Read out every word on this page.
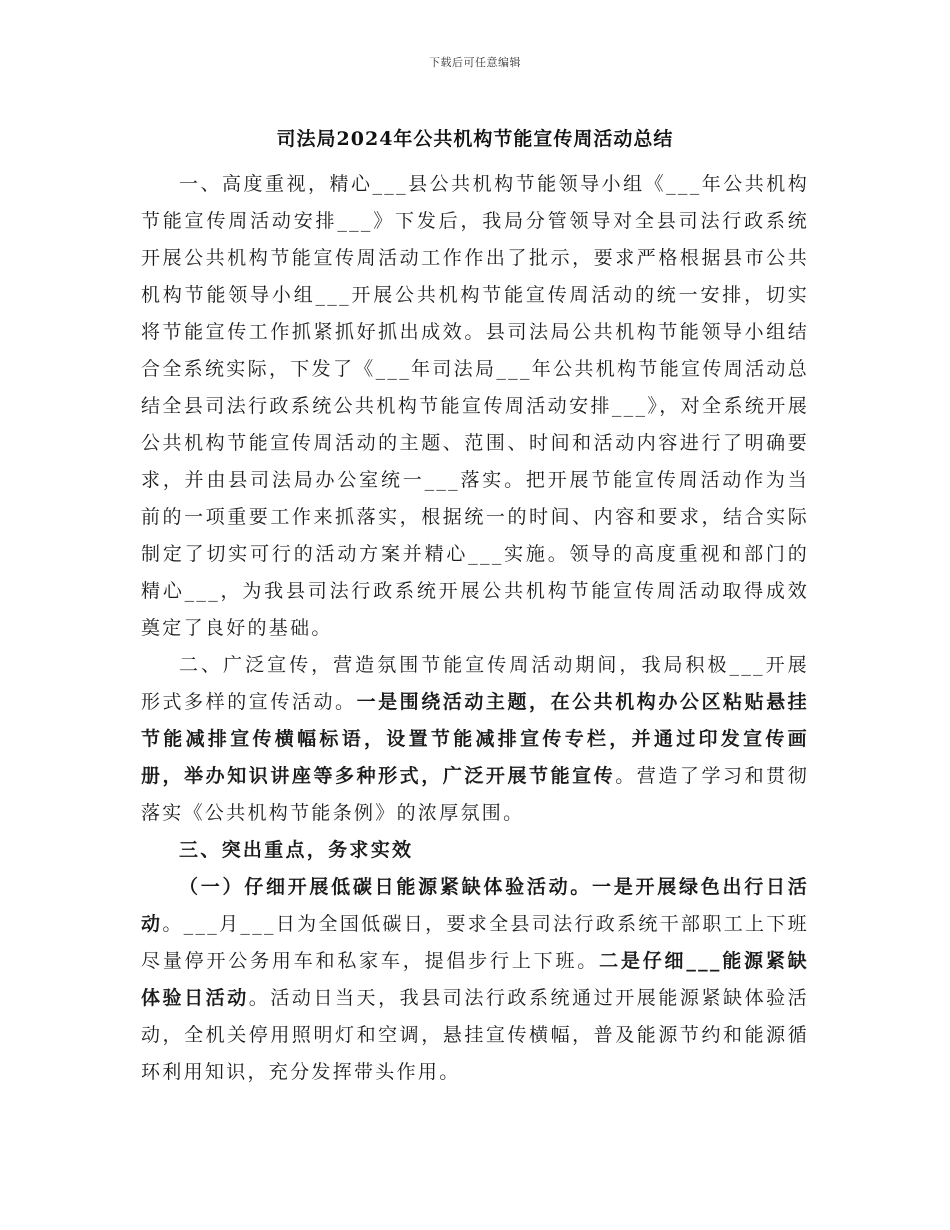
下载后可任意编辑
司法局2024年公共机构节能宣传周活动总结

一、高度重视，精心___县公共机构节能领导小组《___年公共机构节能宣传周活动安排___》下发后，我局分管领导对全县司法行政系统开展公共机构节能宣传周活动工作作出了批示，要求严格根据县市公共机构节能领导小组___开展公共机构节能宣传周活动的统一安排，切实将节能宣传工作抓紧抓好抓出成效。县司法局公共机构节能领导小组结合全系统实际，下发了《___年司法局___年公共机构节能宣传周活动总结全县司法行政系统公共机构节能宣传周活动安排___》，对全系统开展公共机构节能宣传周活动的主题、范围、时间和活动内容进行了明确要求，并由县司法局办公室统一___落实。把开展节能宣传周活动作为当前的一项重要工作来抓落实，根据统一的时间、内容和要求，结合实际制定了切实可行的活动方案并精心___实施。领导的高度重视和部门的精心___，为我县司法行政系统开展公共机构节能宣传周活动取得成效奠定了良好的基础。

二、广泛宣传，营造氛围节能宣传周活动期间，我局积极___开展形式多样的宣传活动。一是围绕活动主题，在公共机构办公区粘贴悬挂节能减排宣传横幅标语，设置节能减排宣传专栏，并通过印发宣传画册，举办知识讲座等多种形式，广泛开展节能宣传。营造了学习和贯彻落实《公共机构节能条例》的浓厚氛围。

三、突出重点，务求实效

（一）仔细开展低碳日能源紧缺体验活动。一是开展绿色出行日活动。___月___日为全国低碳日，要求全县司法行政系统干部职工上下班尽量停开公务用车和私家车，提倡步行上下班。二是仔细___能源紧缺体验日活动。活动日当天，我县司法行政系统通过开展能源紧缺体验活动，全机关停用照明灯和空调，悬挂宣传横幅，普及能源节约和能源循环利用知识，充分发挥带头作用。
